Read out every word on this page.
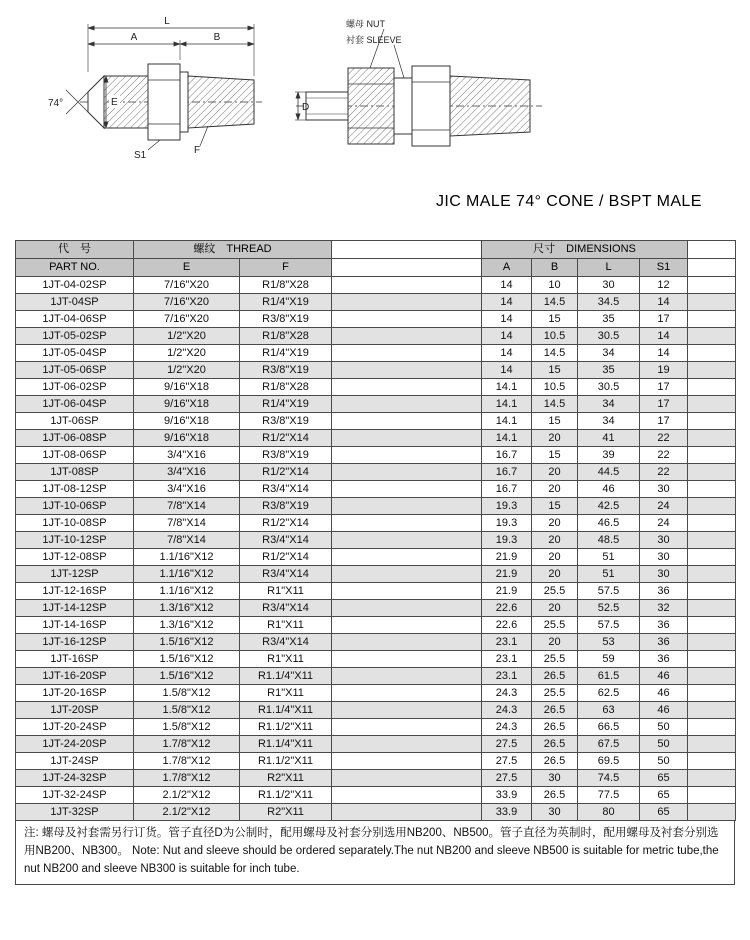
L
A	B
74°	E
S1	F
螺母 NUT
衬套 SLEEVE
D
JIC MALE 74° CONE / BSPT MALE
代　号	螺纹　THREAD			尺寸　DIMENSIONS				
PART NO.	E	F		A	B	L	S1	
1JT-04-02SP	7/16"X20	R1/8"X28		14	10	30	12	
1JT-04SP	7/16"X20	R1/4"X19		14	14.5	34.5	14	
1JT-04-06SP	7/16"X20	R3/8"X19		14	15	35	17	
1JT-05-02SP	1/2"X20	R1/8"X28		14	10.5	30.5	14	
1JT-05-04SP	1/2"X20	R1/4"X19		14	14.5	34	14	
1JT-05-06SP	1/2"X20	R3/8"X19		14	15	35	19	
1JT-06-02SP	9/16"X18	R1/8"X28		14.1	10.5	30.5	17	
1JT-06-04SP	9/16"X18	R1/4"X19		14.1	14.5	34	17	
1JT-06SP	9/16"X18	R3/8"X19		14.1	15	34	17	
1JT-06-08SP	9/16"X18	R1/2"X14		14.1	20	41	22	
1JT-08-06SP	3/4"X16	R3/8"X19		16.7	15	39	22	
1JT-08SP	3/4"X16	R1/2"X14		16.7	20	44.5	22	
1JT-08-12SP	3/4"X16	R3/4"X14		16.7	20	46	30	
1JT-10-06SP	7/8"X14	R3/8"X19		19.3	15	42.5	24	
1JT-10-08SP	7/8"X14	R1/2"X14		19.3	20	46.5	24	
1JT-10-12SP	7/8"X14	R3/4"X14		19.3	20	48.5	30	
1JT-12-08SP	1.1/16"X12	R1/2"X14		21.9	20	51	30	
1JT-12SP	1.1/16"X12	R3/4"X14		21.9	20	51	30	
1JT-12-16SP	1.1/16"X12	R1"X11		21.9	25.5	57.5	36	
1JT-14-12SP	1.3/16"X12	R3/4"X14		22.6	20	52.5	32	
1JT-14-16SP	1.3/16"X12	R1"X11		22.6	25.5	57.5	36	
1JT-16-12SP	1.5/16"X12	R3/4"X14		23.1	20	53	36	
1JT-16SP	1.5/16"X12	R1"X11		23.1	25.5	59	36	
1JT-16-20SP	1.5/16"X12	R1.1/4"X11		23.1	26.5	61.5	46	
1JT-20-16SP	1.5/8"X12	R1"X11		24.3	25.5	62.5	46	
1JT-20SP	1.5/8"X12	R1.1/4"X11		24.3	26.5	63	46	
1JT-20-24SP	1.5/8"X12	R1.1/2"X11		24.3	26.5	66.5	50	
1JT-24-20SP	1.7/8"X12	R1.1/4"X11		27.5	26.5	67.5	50	
1JT-24SP	1.7/8"X12	R1.1/2"X11		27.5	26.5	69.5	50	
1JT-24-32SP	1.7/8"X12	R2"X11		27.5	30	74.5	65	
1JT-32-24SP	2.1/2"X12	R1.1/2"X11		33.9	26.5	77.5	65	
1JT-32SP	2.1/2"X12	R2"X11		33.9	30	80	65	
注: 螺母及衬套需另行订货。管子直径D为公制时，配用螺母及衬套分别选用NB200、NB500。管子直径为英制时，配用螺母及衬套分别选用NB200、NB300。 Note: Nut and sleeve should be ordered separately.The nut NB200 and sleeve NB500 is suitable for metric tube,the nut NB200 and sleeve NB300 is suitable for inch tube.
